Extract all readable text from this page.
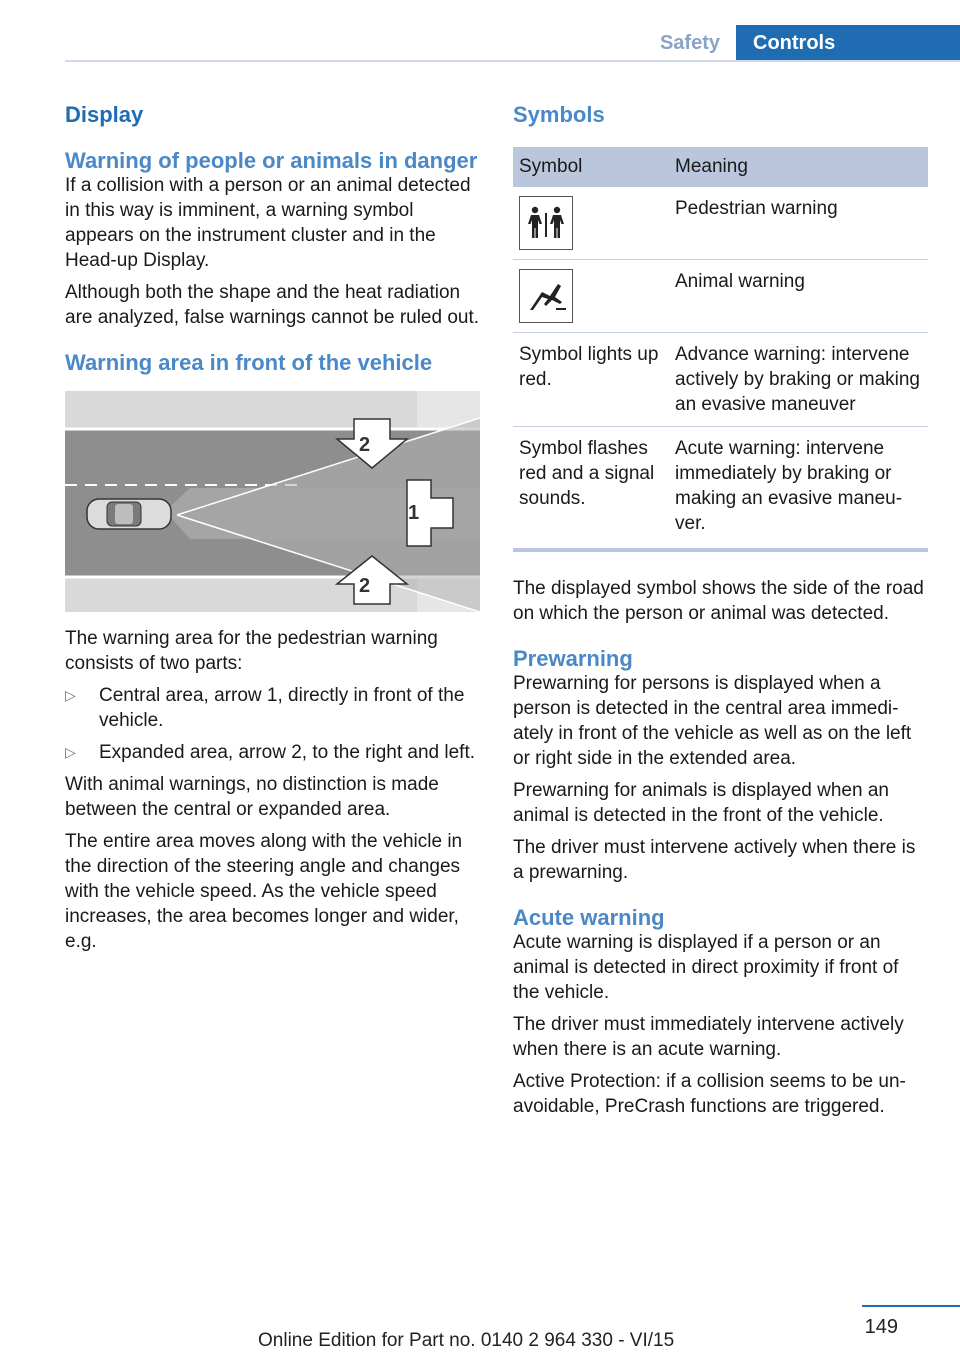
Safety	Controls
Display
Warning of people or animals in danger

If a collision with a person or an animal detected in this way is imminent, a warning symbol appears on the instrument cluster and in the Head-up Display.

Although both the shape and the heat radiation are analyzed, false warnings cannot be ruled out.

Warning area in front of the vehicle
1
2
2

The warning area for the pedestrian warning consists of two parts:

▷	Central area, arrow 1, directly in front of the vehicle.
▷	Expanded area, arrow 2, to the right and left.

With animal warnings, no distinction is made between the central or expanded area.

The entire area moves along with the vehicle in the direction of the steering angle and changes with the vehicle speed. As the vehicle speed increases, the area becomes longer and wider, e.g.

Symbols
Symbol	Meaning

	Pedestrian warning

	Animal warning
Symbol lights up red.	Advance warning: intervene actively by braking or making an evasive maneuver
Symbol flashes red and a signal sounds.	Acute warning: intervene immediately by braking or making an evasive maneuver.

The displayed symbol shows the side of the road on which the person or animal was detected.

Prewarning

Prewarning for persons is displayed when a person is detected in the central area immediately in front of the vehicle as well as on the left or right side in the extended area.

Prewarning for animals is displayed when an animal is detected in the front of the vehicle.

The driver must intervene actively when there is a prewarning.

Acute warning

Acute warning is displayed if a person or an animal is detected in direct proximity if front of the vehicle.

The driver must immediately intervene actively when there is an acute warning.

Active Protection: if a collision seems to be unavoidable, PreCrash functions are triggered.

149
Online Edition for Part no. 0140 2 964 330 - VI/15
